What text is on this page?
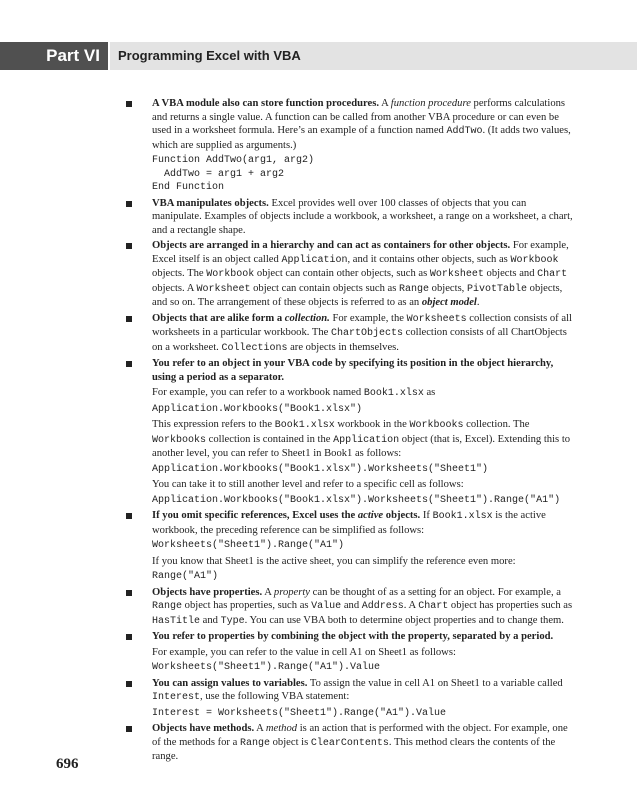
Part VI	Programming Excel with VBA

A VBA module also can store function procedures. A function procedure performs calculations and returns a single value. A function can be called from another VBA procedure or can even be used in a worksheet formula. Here’s an example of a function named AddTwo. (It adds two values, which are supplied as arguments.)

Function AddTwo(arg1, arg2)
AddTwo = arg1 + arg2
End Function

VBA manipulates objects. Excel provides well over 100 classes of objects that you can manipulate. Examples of objects include a workbook, a worksheet, a range on a worksheet, a chart, and a rectangle shape.

Objects are arranged in a hierarchy and can act as containers for other objects. For example, Excel itself is an object called Application, and it contains other objects, such as Workbook objects. The Workbook object can contain other objects, such as Worksheet objects and Chart objects. A Worksheet object can contain objects such as Range objects, PivotTable objects, and so on. The arrangement of these objects is referred to as an object model.

Objects that are alike form a collection. For example, the Worksheets collection consists of all worksheets in a particular workbook. The ChartObjects collection consists of all ChartObjects on a worksheet. Collections are objects in themselves.

You refer to an object in your VBA code by specifying its position in the object hierarchy, using a period as a separator.

For example, you can refer to a workbook named Book1.xlsx as

Application.Workbooks("Book1.xlsx")

This expression refers to the Book1.xlsx workbook in the Workbooks collection. The Workbooks collection is contained in the Application object (that is, Excel). Extending this to another level, you can refer to Sheet1 in Book1 as follows:

Application.Workbooks("Book1.xlsx").Worksheets("Sheet1")

You can take it to still another level and refer to a specific cell as follows:

Application.Workbooks("Book1.xlsx").Worksheets("Sheet1").Range("A1")

If you omit specific references, Excel uses the active objects. If Book1.xlsx is the active workbook, the preceding reference can be simplified as follows:

Worksheets("Sheet1").Range("A1")

If you know that Sheet1 is the active sheet, you can simplify the reference even more:

Range("A1")

Objects have properties. A property can be thought of as a setting for an object. For example, a Range object has properties, such as Value and Address. A Chart object has properties such as HasTitle and Type. You can use VBA both to determine object properties and to change them.

You refer to properties by combining the object with the property, separated by a period.

For example, you can refer to the value in cell A1 on Sheet1 as follows:

Worksheets("Sheet1").Range("A1").Value

You can assign values to variables. To assign the value in cell A1 on Sheet1 to a variable called Interest, use the following VBA statement:

Interest = Worksheets("Sheet1").Range("A1").Value

Objects have methods. A method is an action that is performed with the object. For example, one of the methods for a Range object is ClearContents. This method clears the contents of the range.

696
